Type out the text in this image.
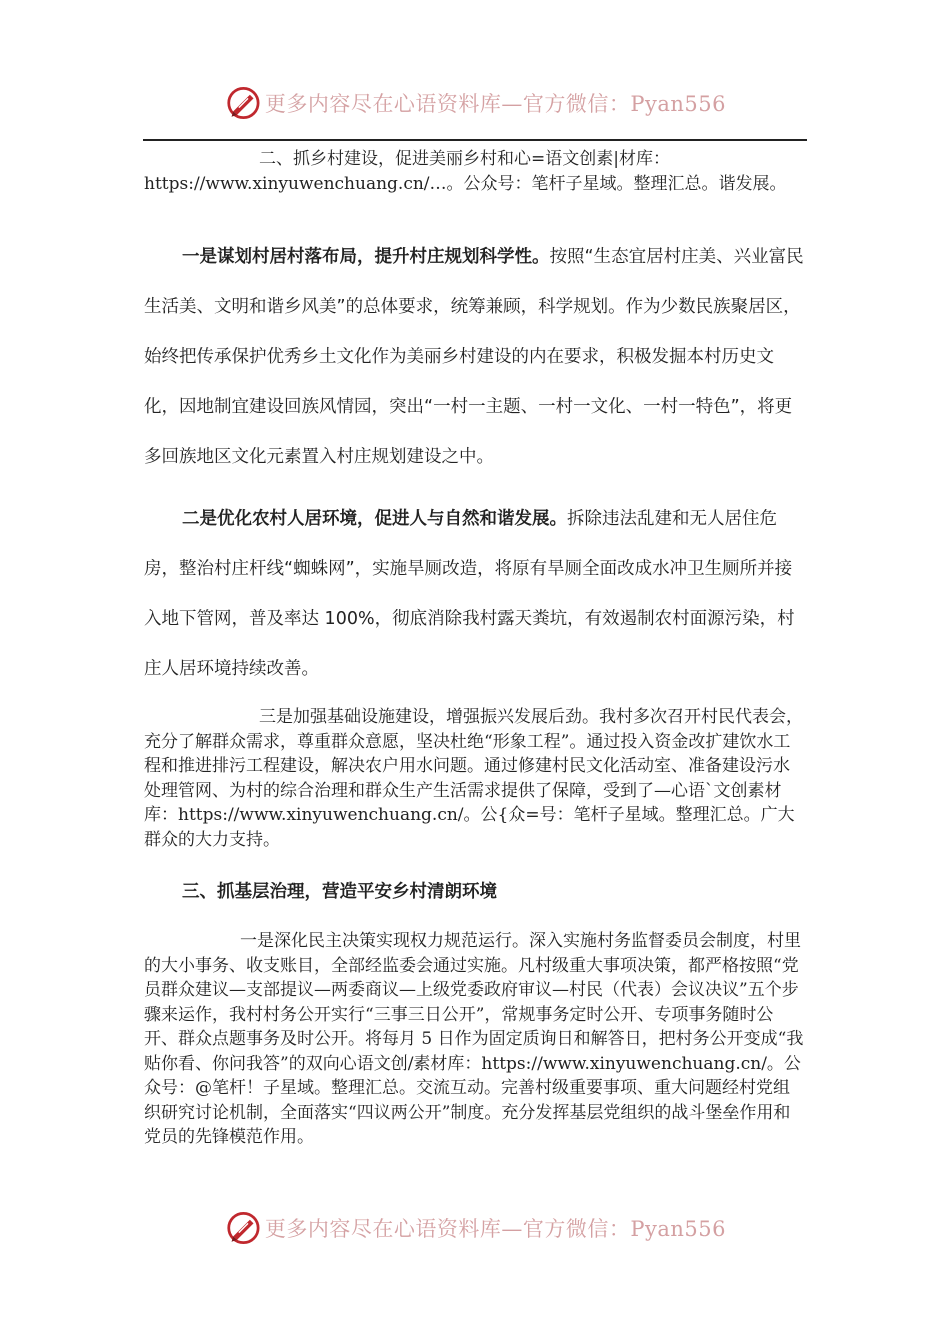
更多内容尽在心语资料库—官方微信：Pyan556

二、抓乡村建设，促进美丽乡村和心=语文创素|材库：https://www.xinyuwenchuang.cn/…。公众号：笔杆子星域。整理汇总。谐发展。

一是谋划村居村落布局，提升村庄规划科学性。按照“生态宜居村庄美、兴业富民生活美、文明和谐乡风美”的总体要求，统筹兼顾，科学规划。作为少数民族聚居区，始终把传承保护优秀乡土文化作为美丽乡村建设的内在要求，积极发掘本村历史文化，因地制宜建设回族风情园，突出“一村一主题、一村一文化、一村一特色”，将更多回族地区文化元素置入村庄规划建设之中。

二是优化农村人居环境，促进人与自然和谐发展。拆除违法乱建和无人居住危房，整治村庄杆线“蜘蛛网”，实施旱厕改造，将原有旱厕全面改成水冲卫生厕所并接入地下管网，普及率达 100%，彻底消除我村露天粪坑，有效遏制农村面源污染，村庄人居环境持续改善。

三是加强基础设施建设，增强振兴发展后劲。我村多次召开村民代表会，充分了解群众需求，尊重群众意愿，坚决杜绝“形象工程”。通过投入资金改扩建饮水工程和推进排污工程建设，解决农户用水问题。通过修建村民文化活动室、准备建设污水处理管网、为村的综合治理和群众生产生活需求提供了保障，受到了—心语`文创素材库：https://www.xinyuwenchuang.cn/。公{众=号：笔杆子星域。整理汇总。广大群众的大力支持。

三、抓基层治理，营造平安乡村清朗环境

一是深化民主决策实现权力规范运行。深入实施村务监督委员会制度，村里的大小事务、收支账目，全部经监委会通过实施。凡村级重大事项决策，都严格按照“党员群众建议—支部提议—两委商议—上级党委政府审议—村民（代表）会议决议”五个步骤来运作，我村村务公开实行“三事三日公开”，常规事务定时公开、专项事务随时公开、群众点题事务及时公开。将每月 5 日作为固定质询日和解答日，把村务公开变成“我贴你看、你问我答”的双向心语文创/素材库：https://www.xinyuwenchuang.cn/。公众号：@笔杆！子星域。整理汇总。交流互动。完善村级重要事项、重大问题经村党组织研究讨论机制，全面落实“四议两公开”制度。充分发挥基层党组织的战斗堡垒作用和党员的先锋模范作用。

更多内容尽在心语资料库—官方微信：Pyan556
